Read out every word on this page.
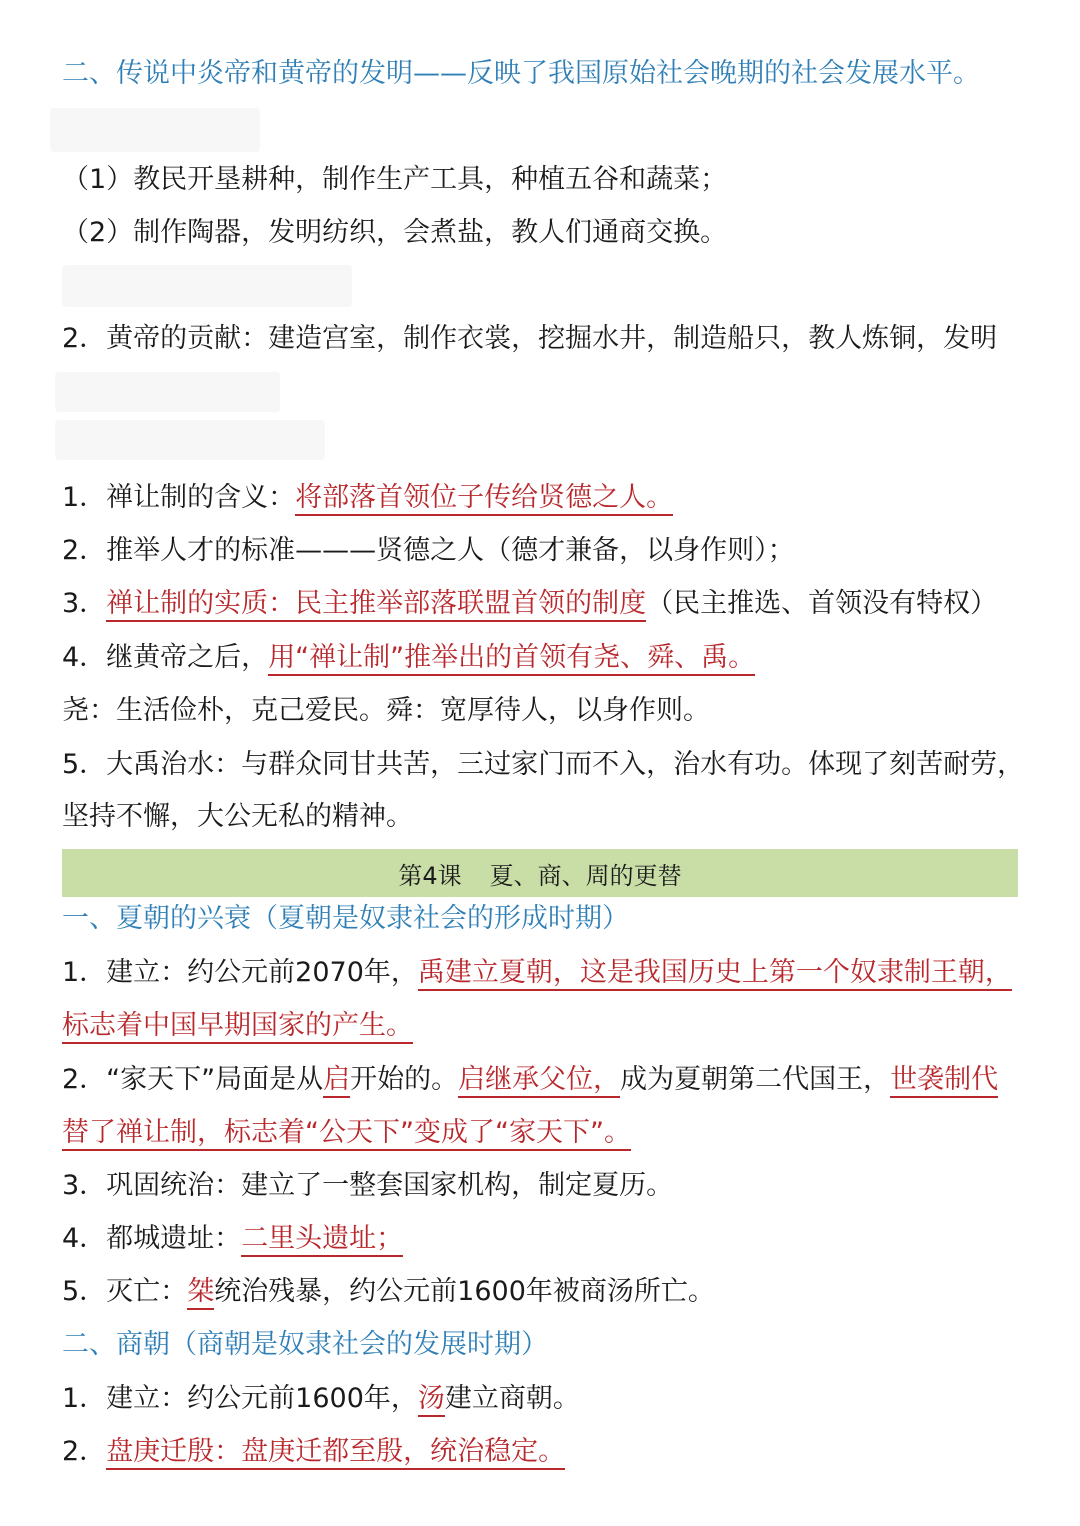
二、传说中炎帝和黄帝的发明——反映了我国原始社会晚期的社会发展水平。
（1）教民开垦耕种，制作生产工具，种植五谷和蔬菜；
（2）制作陶器，发明纺织，会煮盐，教人们通商交换。
2．黄帝的贡献：建造宫室，制作衣裳，挖掘水井，制造船只，教人炼铜，发明
1．禅让制的含义：将部落首领位子传给贤德之人。
2．推举人才的标准———贤德之人（德才兼备，以身作则）；
3．禅让制的实质：民主推举部落联盟首领的制度（民主推选、首领没有特权）
4．继黄帝之后，用“禅让制”推举出的首领有尧、舜、禹。
尧：生活俭朴，克己爱民。舜：宽厚待人，以身作则。
5．大禹治水：与群众同甘共苦，三过家门而不入，治水有功。体现了刻苦耐劳，
坚持不懈，大公无私的精神。
第4课 夏、商、周的更替
一、夏朝的兴衰（夏朝是奴隶社会的形成时期）
1．建立：约公元前2070年，禹建立夏朝，这是我国历史上第一个奴隶制王朝，
标志着中国早期国家的产生。
2．“家天下”局面是从启开始的。启继承父位，成为夏朝第二代国王，世袭制代
替了禅让制，标志着“公天下”变成了“家天下”。
3．巩固统治：建立了一整套国家机构，制定夏历。
4．都城遗址：二里头遗址；
5．灭亡：桀统治残暴，约公元前1600年被商汤所亡。
二、商朝（商朝是奴隶社会的发展时期）
1．建立：约公元前1600年，汤建立商朝。
2．盘庚迁殷：盘庚迁都至殷，统治稳定。
